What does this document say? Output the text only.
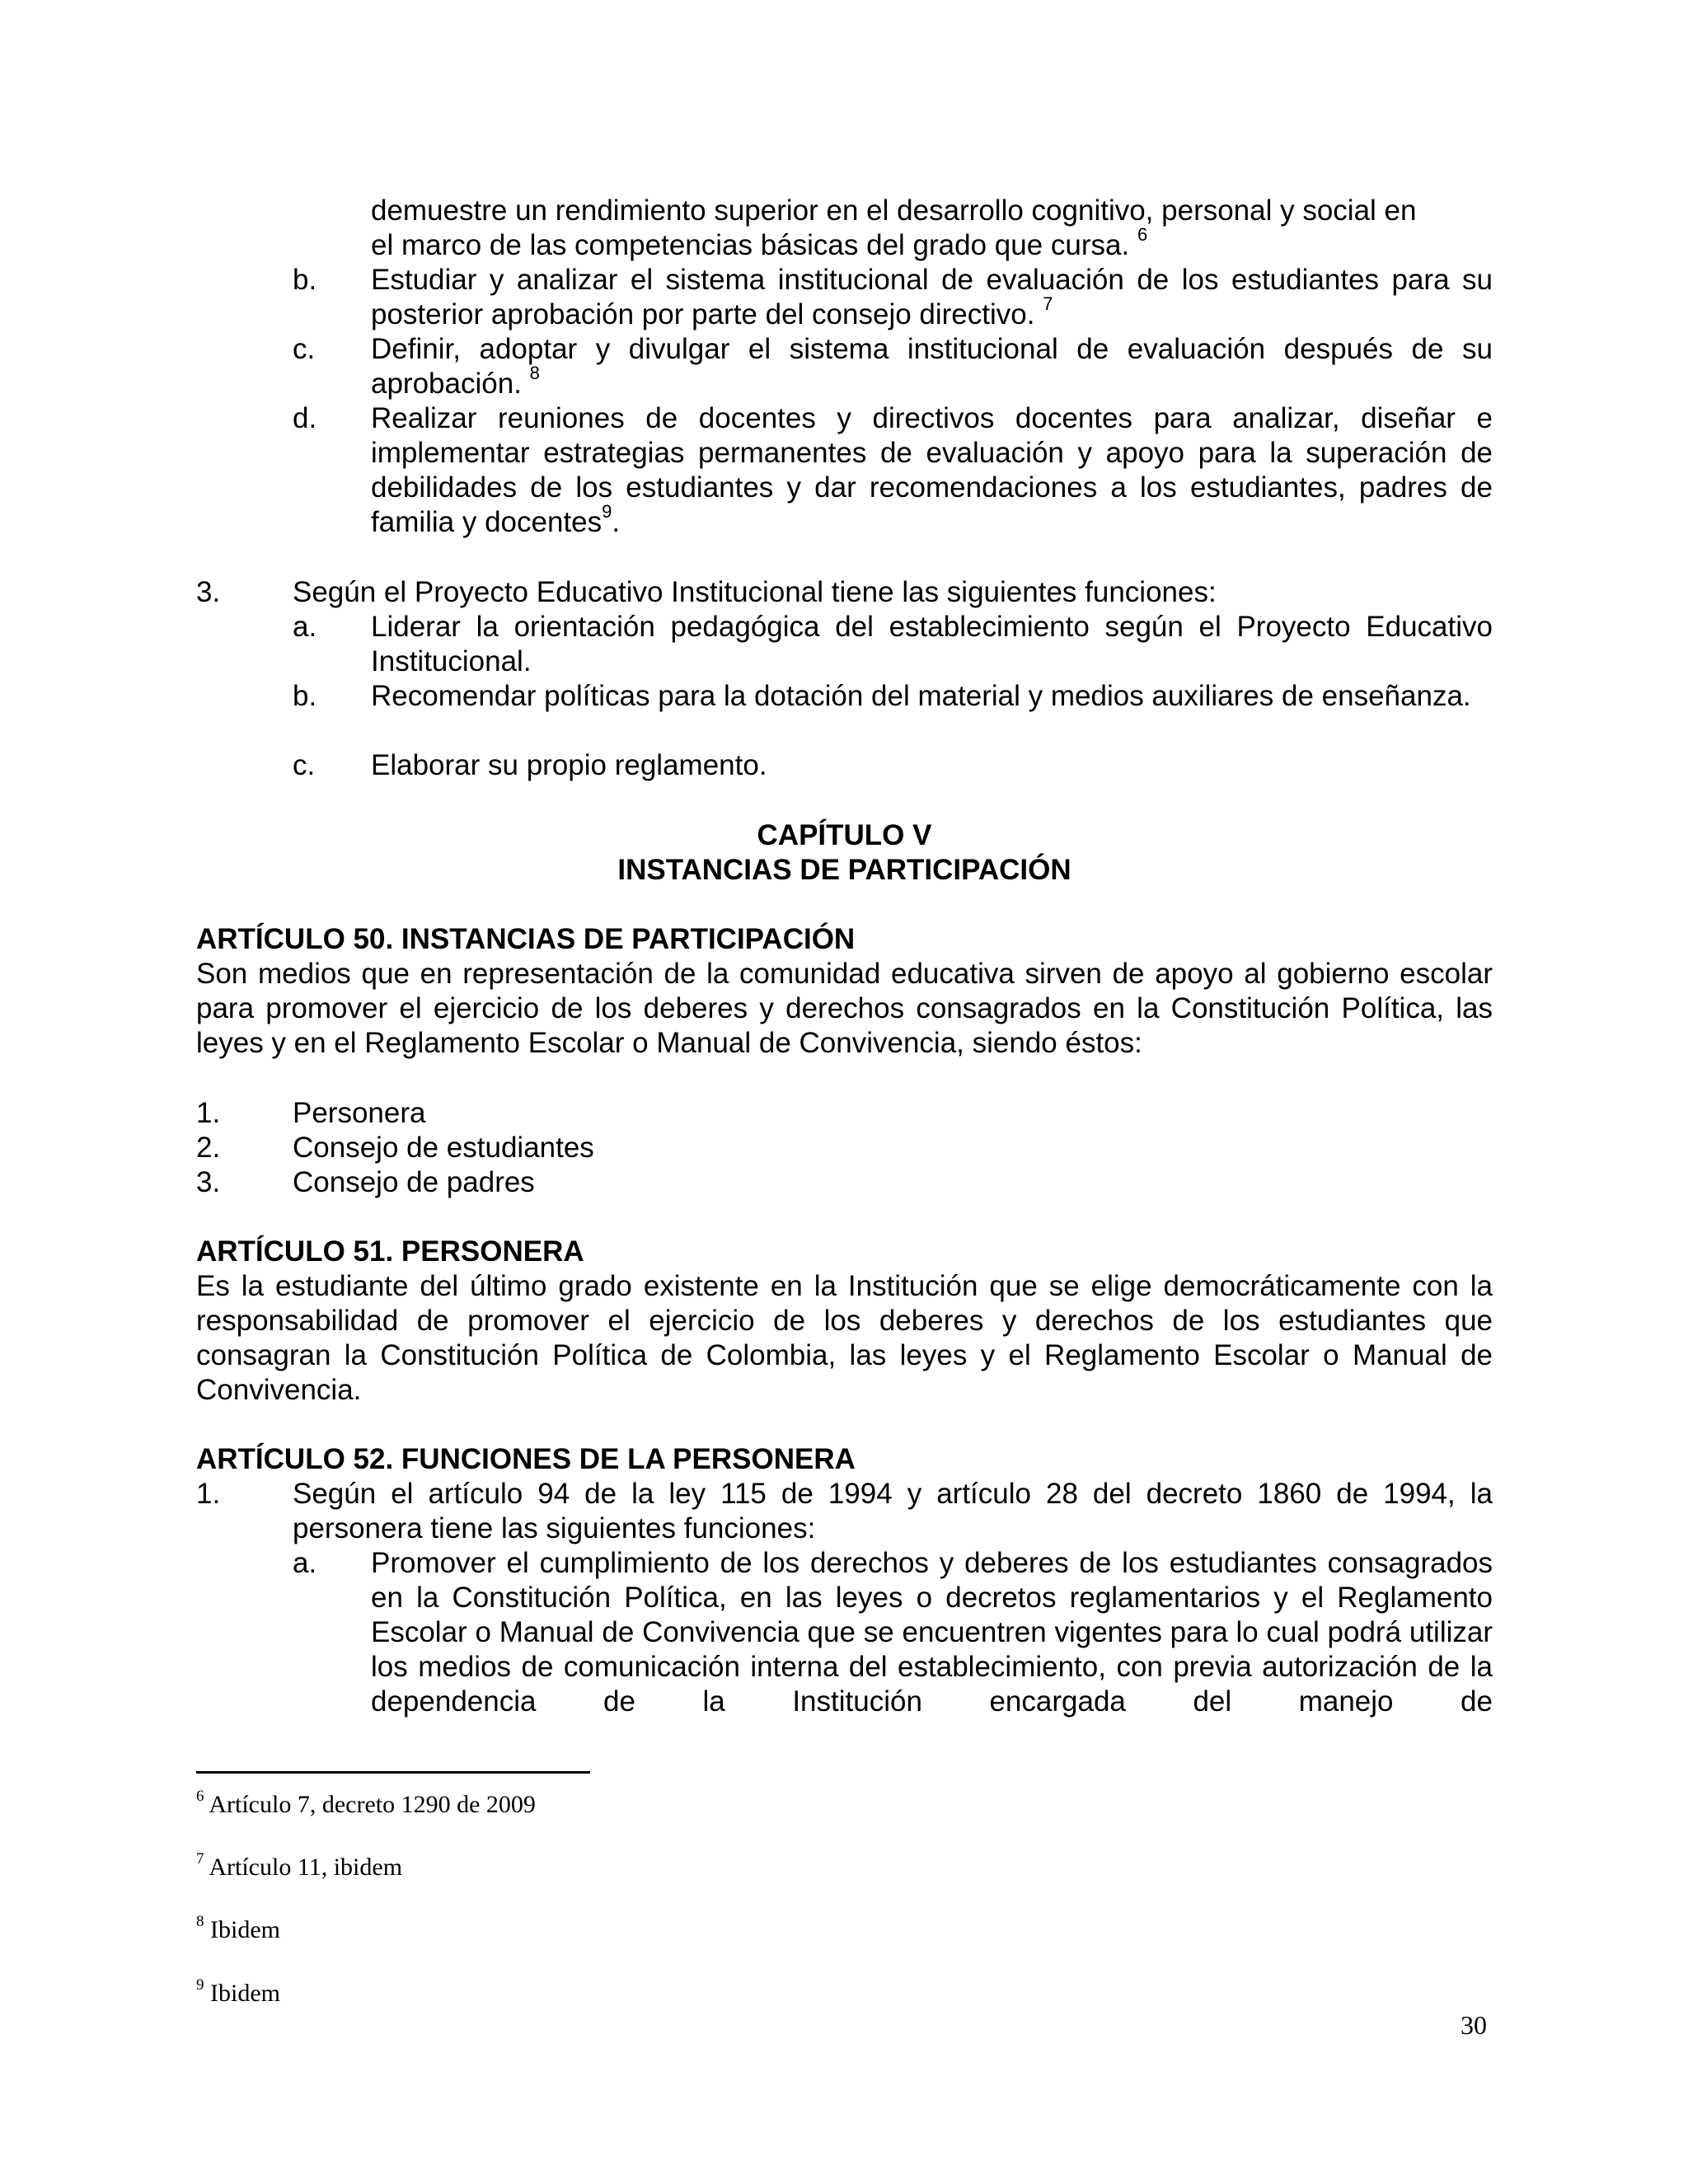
demuestre un rendimiento superior en el desarrollo cognitivo, personal y social en
el marco de las competencias básicas del grado que cursa. $^6$
b. Estudiar y analizar el sistema institucional de evaluación de los estudiantes para su posterior aprobación por parte del consejo directivo. $^7$
c. Definir, adoptar y divulgar el sistema institucional de evaluación después de su aprobación. $^8$
d. Realizar reuniones de docentes y directivos docentes para analizar, diseñar e implementar estrategias permanentes de evaluación y apoyo para la superación de debilidades de los estudiantes y dar recomendaciones a los estudiantes, padres de familia y docentes$^9$.
3.	Según el Proyecto Educativo Institucional tiene las siguientes funciones:
a. Liderar la orientación pedagógica del establecimiento según el Proyecto Educativo Institucional.
b. Recomendar políticas para la dotación del material y medios auxiliares de enseñanza.
c. Elaborar su propio reglamento.
CAPÍTULO V
INSTANCIAS DE PARTICIPACIÓN
ARTÍCULO 50. INSTANCIAS DE PARTICIPACIÓN
Son medios que en representación de la comunidad educativa sirven de apoyo al gobierno escolar para promover el ejercicio de los deberes y derechos consagrados en la Constitución Política, las leyes y en el Reglamento Escolar o Manual de Convivencia, siendo éstos:
1.	Personera
2.	Consejo de estudiantes
3.	Consejo de padres
ARTÍCULO 51. PERSONERA
Es la estudiante del último grado existente en la Institución que se elige democráticamente con la responsabilidad de promover el ejercicio de los deberes y derechos de los estudiantes que consagran la Constitución Política de Colombia, las leyes y el Reglamento Escolar o Manual de Convivencia.
ARTÍCULO 52. FUNCIONES DE LA PERSONERA
1.	Según el artículo 94 de la ley 115 de 1994 y artículo 28 del decreto 1860 de 1994, la personera tiene las siguientes funciones:
a. Promover el cumplimiento de los derechos y deberes de los estudiantes consagrados en la Constitución Política, en las leyes o decretos reglamentarios y el Reglamento Escolar o Manual de Convivencia que se encuentren vigentes para lo cual podrá utilizar los medios de comunicación interna del establecimiento, con previa autorización de la dependencia de la Institución encargada del manejo de
$^6$ Artículo 7, decreto 1290 de 2009
$^7$ Artículo 11, ibidem
$^8$ Ibidem
$^9$ Ibidem
30
